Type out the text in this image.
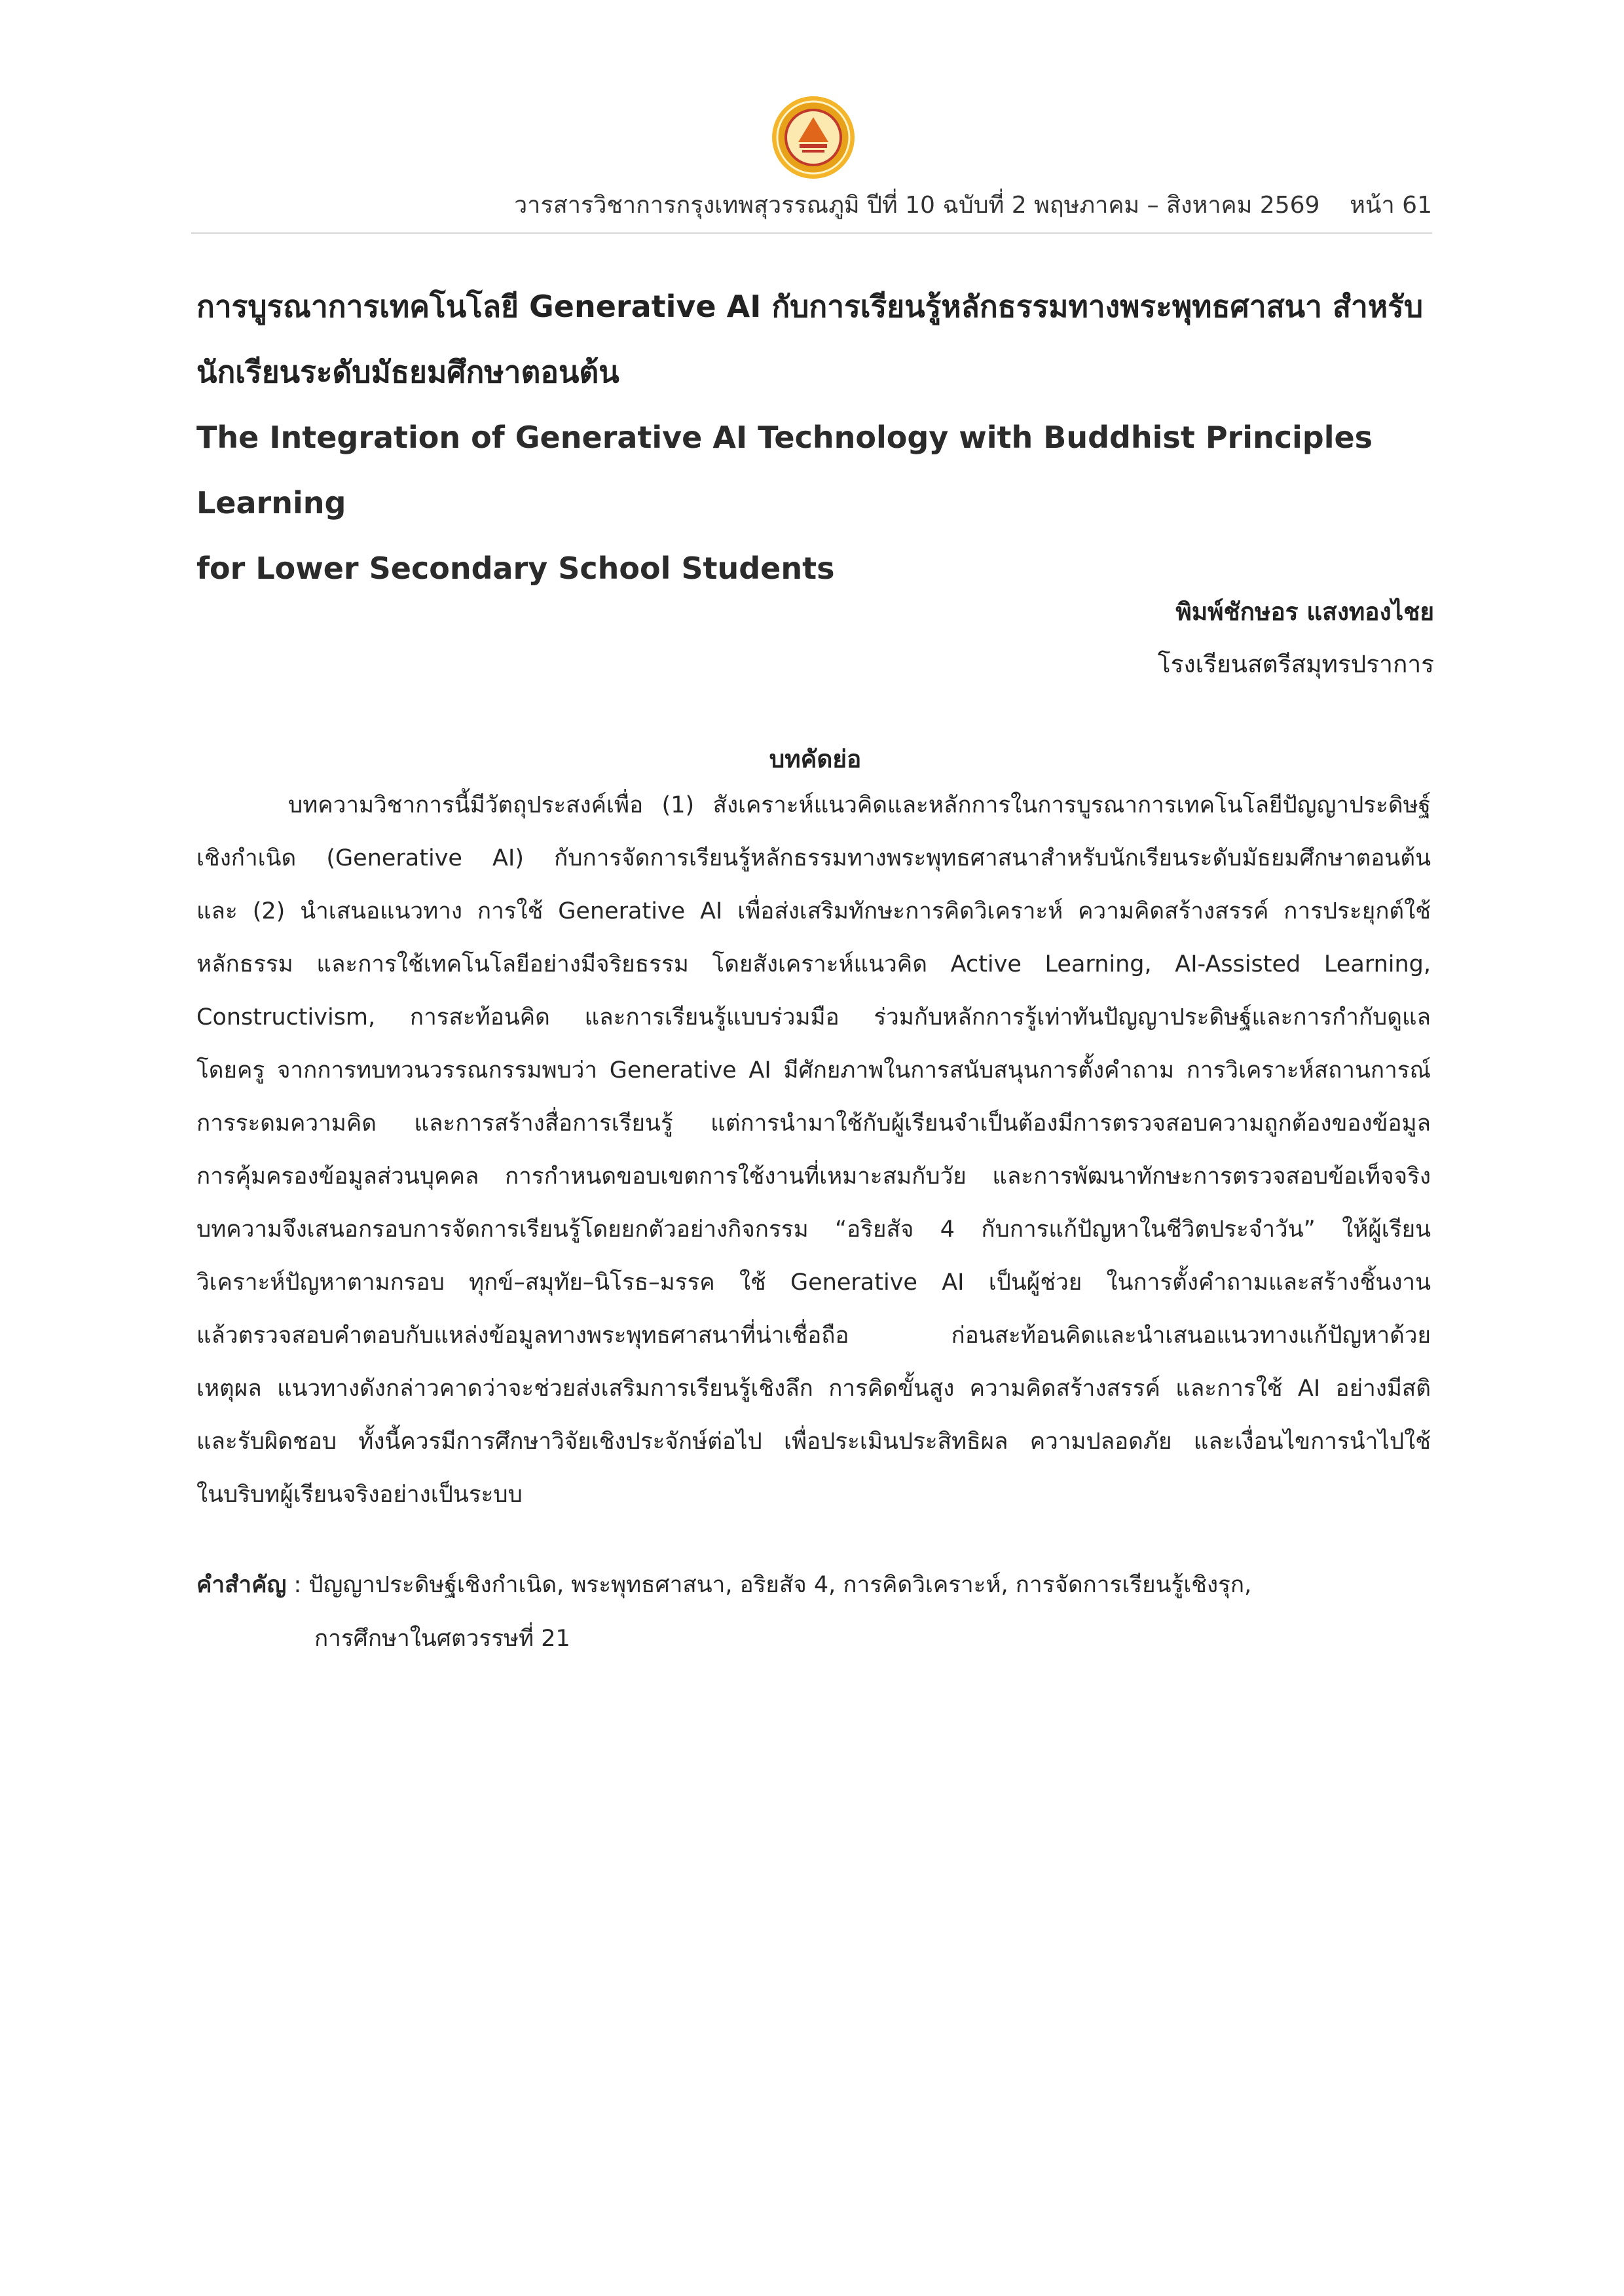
วารสารวิชาการกรุงเทพสุวรรณภูมิ ปีที่ 10 ฉบับที่ 2 พฤษภาคม – สิงหาคม 2569 หน้า 61

การบูรณาการเทคโนโลยี Generative AI กับการเรียนรู้หลักธรรมทางพระพุทธศาสนา สำหรับ

นักเรียนระดับมัธยมศึกษาตอนต้น

The Integration of Generative AI Technology with Buddhist Principles Learning

for Lower Secondary School Students

พิมพ์ชักษอร แสงทองไชย
โรงเรียนสตรีสมุทรปราการ
บทคัดย่อ
บทความวิชาการนี้มีวัตถุประสงค์เพื่อ (1) สังเคราะห์แนวคิดและหลักการในการบูรณาการเทคโนโลยีปัญญาประดิษฐ์
เชิงกำเนิด (Generative AI) กับการจัดการเรียนรู้หลักธรรมทางพระพุทธศาสนาสำหรับนักเรียนระดับมัธยมศึกษาตอนต้น
และ (2) นำเสนอแนวทาง การใช้ Generative AI เพื่อส่งเสริมทักษะการคิดวิเคราะห์ ความคิดสร้างสรรค์ การประยุกต์ใช้
หลักธรรม และการใช้เทคโนโลยีอย่างมีจริยธรรม โดยสังเคราะห์แนวคิด Active Learning, AI-Assisted Learning,
Constructivism, การสะท้อนคิด และการเรียนรู้แบบร่วมมือ ร่วมกับหลักการรู้เท่าทันปัญญาประดิษฐ์และการกำกับดูแล
โดยครู จากการทบทวนวรรณกรรมพบว่า Generative AI มีศักยภาพในการสนับสนุนการตั้งคำถาม การวิเคราะห์สถานการณ์
การระดมความคิด และการสร้างสื่อการเรียนรู้ แต่การนำมาใช้กับผู้เรียนจำเป็นต้องมีการตรวจสอบความถูกต้องของข้อมูล
การคุ้มครองข้อมูลส่วนบุคคล การกำหนดขอบเขตการใช้งานที่เหมาะสมกับวัย และการพัฒนาทักษะการตรวจสอบข้อเท็จจริง
บทความจึงเสนอกรอบการจัดการเรียนรู้โดยยกตัวอย่างกิจกรรม “อริยสัจ 4 กับการแก้ปัญหาในชีวิตประจำวัน” ให้ผู้เรียน
วิเคราะห์ปัญหาตามกรอบ ทุกข์–สมุทัย–นิโรธ–มรรค ใช้ Generative AI เป็นผู้ช่วย ในการตั้งคำถามและสร้างชิ้นงาน
แล้วตรวจสอบคำตอบกับแหล่งข้อมูลทางพระพุทธศาสนาที่น่าเชื่อถือ ก่อนสะท้อนคิดและนำเสนอแนวทางแก้ปัญหาด้วย
เหตุผล แนวทางดังกล่าวคาดว่าจะช่วยส่งเสริมการเรียนรู้เชิงลึก การคิดขั้นสูง ความคิดสร้างสรรค์ และการใช้ AI อย่างมีสติ
และรับผิดชอบ ทั้งนี้ควรมีการศึกษาวิจัยเชิงประจักษ์ต่อไป เพื่อประเมินประสิทธิผล ความปลอดภัย และเงื่อนไขการนำไปใช้
ในบริบทผู้เรียนจริงอย่างเป็นระบบ
คำสำคัญ : ปัญญาประดิษฐ์เชิงกำเนิด, พระพุทธศาสนา, อริยสัจ 4, การคิดวิเคราะห์, การจัดการเรียนรู้เชิงรุก,
การศึกษาในศตวรรษที่ 21
